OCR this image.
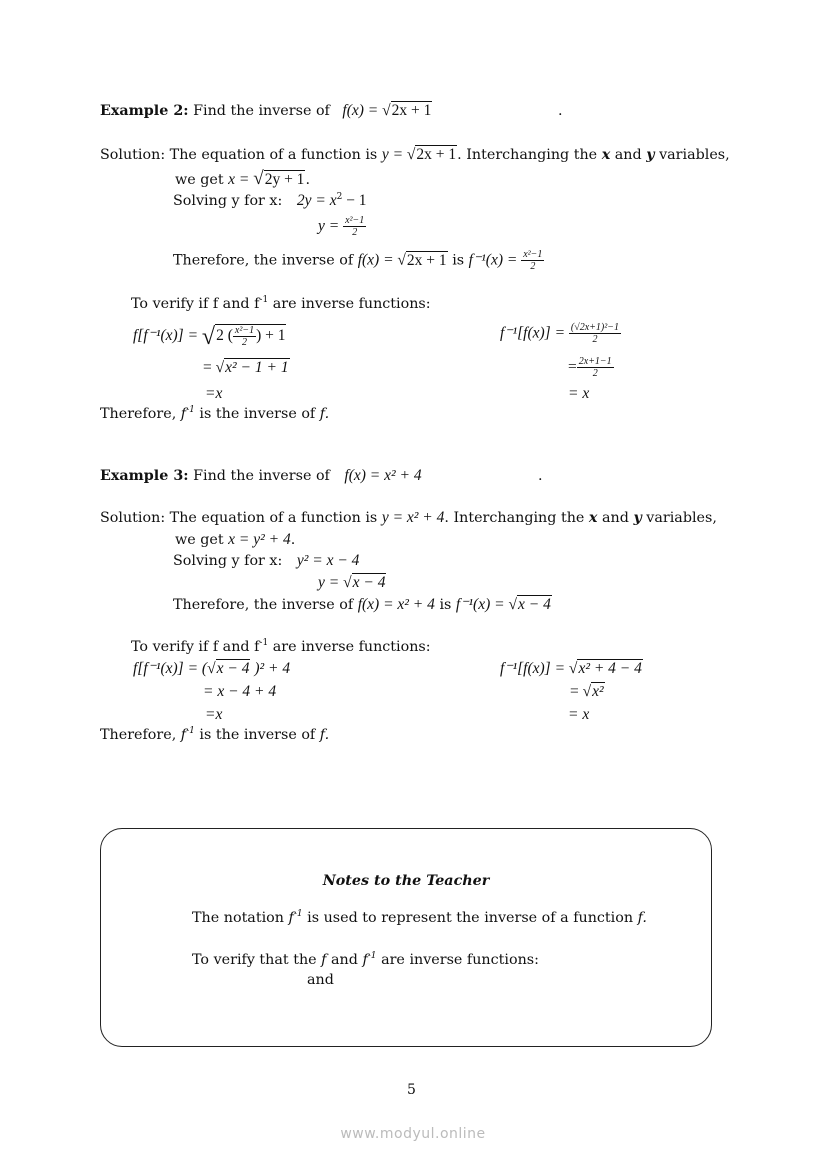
Example 2: Find the inverse of f(x) = √2x + 1	.
Solution: The equation of a function is y = √2x + 1. Interchanging the x and y variables,
we get x = √2y + 1.
Solving y for x: $2y = x^2 - 1$
$y = \frac{\text{x²−1}}{2}$
Therefore, the inverse of f(x) = √2x + 1 is $f^{-1}(x) = \frac{\text{x²−1}}{2}$
To verify if f and $f^{-1}$ are inverse functions:
f[f⁻¹(x)] = √2 ( $\frac{\text{x²−1}}{2}$ ) + 1
= √x² − 1 + 1
=x
$f^{-1}[f(x)] = \frac{\text{(√2x+1)²−1}}{2}$
= $\frac{2x+1-1}{2}$
= x
Therefore, $f^{-1}$ is the inverse of f.
Example 3: Find the inverse of f(x) = x² + 4	.
Solution: The equation of a function is y = x² + 4. Interchanging the x and y variables,
we get x = y² + 4.
Solving y for x: y² = x − 4
y = √x − 4
Therefore, the inverse of f(x) = x² + 4 is f⁻¹(x) = √x − 4
To verify if f and $f^{-1}$ are inverse functions:
f[f⁻¹(x)] = (√x − 4 )² + 4
= x − 4 + 4
=x
f⁻¹[f(x)] = √x² + 4 − 4
= √x²
= x
Therefore, $f^{-1}$ is the inverse of f.
Notes to the Teacher
The notation $f^{-1}$ is used to represent the inverse of a function f.
To verify that the f and $f^{-1}$ are inverse functions:
and
5
www.modyul.online
